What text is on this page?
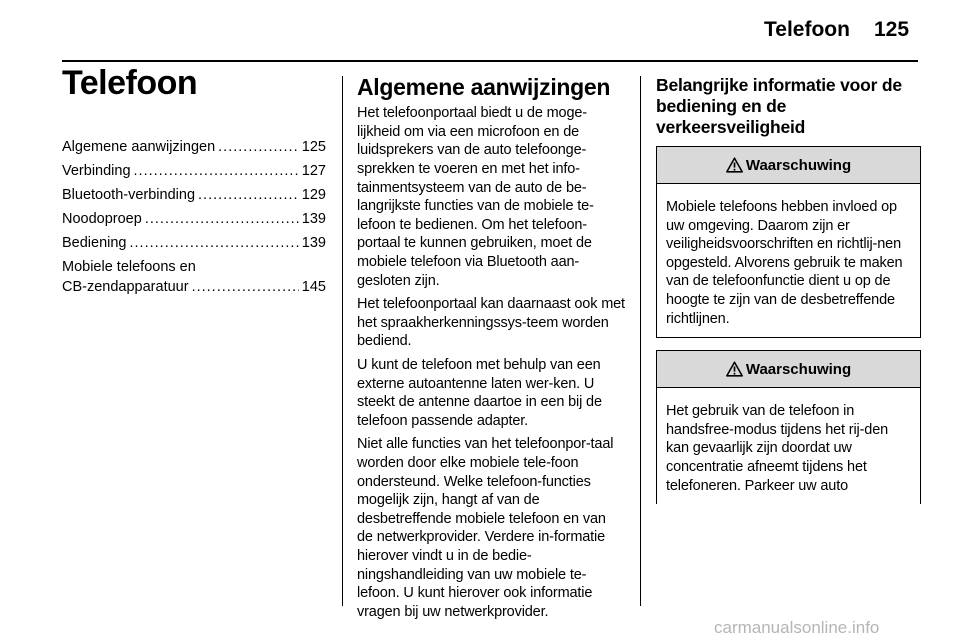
Telefoon 125
Telefoon
Algemene aanwijzingen .....	125
Verbinding .....	127
Bluetooth-verbinding .....	129
Noodoproep .....	139
Bediening .....	139
Mobiele telefoons en
CB-zendapparatuur .....	145
Algemene aanwijzingen

Het telefoonportaal biedt u de moge-lijkheid om via een microfoon en de luidsprekers van de auto telefoonge-sprekken te voeren en met het info-tainmentsysteem van de auto de be-langrijkste functies van de mobiele te-lefoon te bedienen. Om het telefoon-portaal te kunnen gebruiken, moet de mobiele telefoon via Bluetooth aan-gesloten zijn.

Het telefoonportaal kan daarnaast ook met het spraakherkenningssys-teem worden bediend.

U kunt de telefoon met behulp van een externe autoantenne laten wer-ken. U steekt de antenne daartoe in een bij de telefoon passende adapter.

Niet alle functies van het telefoonpor-taal worden door elke mobiele tele-foon ondersteund. Welke telefoon-functies mogelijk zijn, hangt af van de desbetreffende mobiele telefoon en van de netwerkprovider. Verdere in-formatie hierover vindt u in de bedie-ningshandleiding van uw mobiele te-lefoon. U kunt hierover ook informatie vragen bij uw netwerkprovider.

Belangrijke informatie voor de bediening en de verkeersveiligheid
Waarschuwing
Mobiele telefoons hebben invloed op uw omgeving. Daarom zijn er veiligheidsvoorschriften en richtlij-nen opgesteld. Alvorens gebruik te maken van de telefoonfunctie dient u op de hoogte te zijn van de desbetreffende richtlijnen.
Waarschuwing
Het gebruik van de telefoon in handsfree-modus tijdens het rij-den kan gevaarlijk zijn doordat uw concentratie afneemt tijdens het telefoneren. Parkeer uw auto
carmanualsonline.info
